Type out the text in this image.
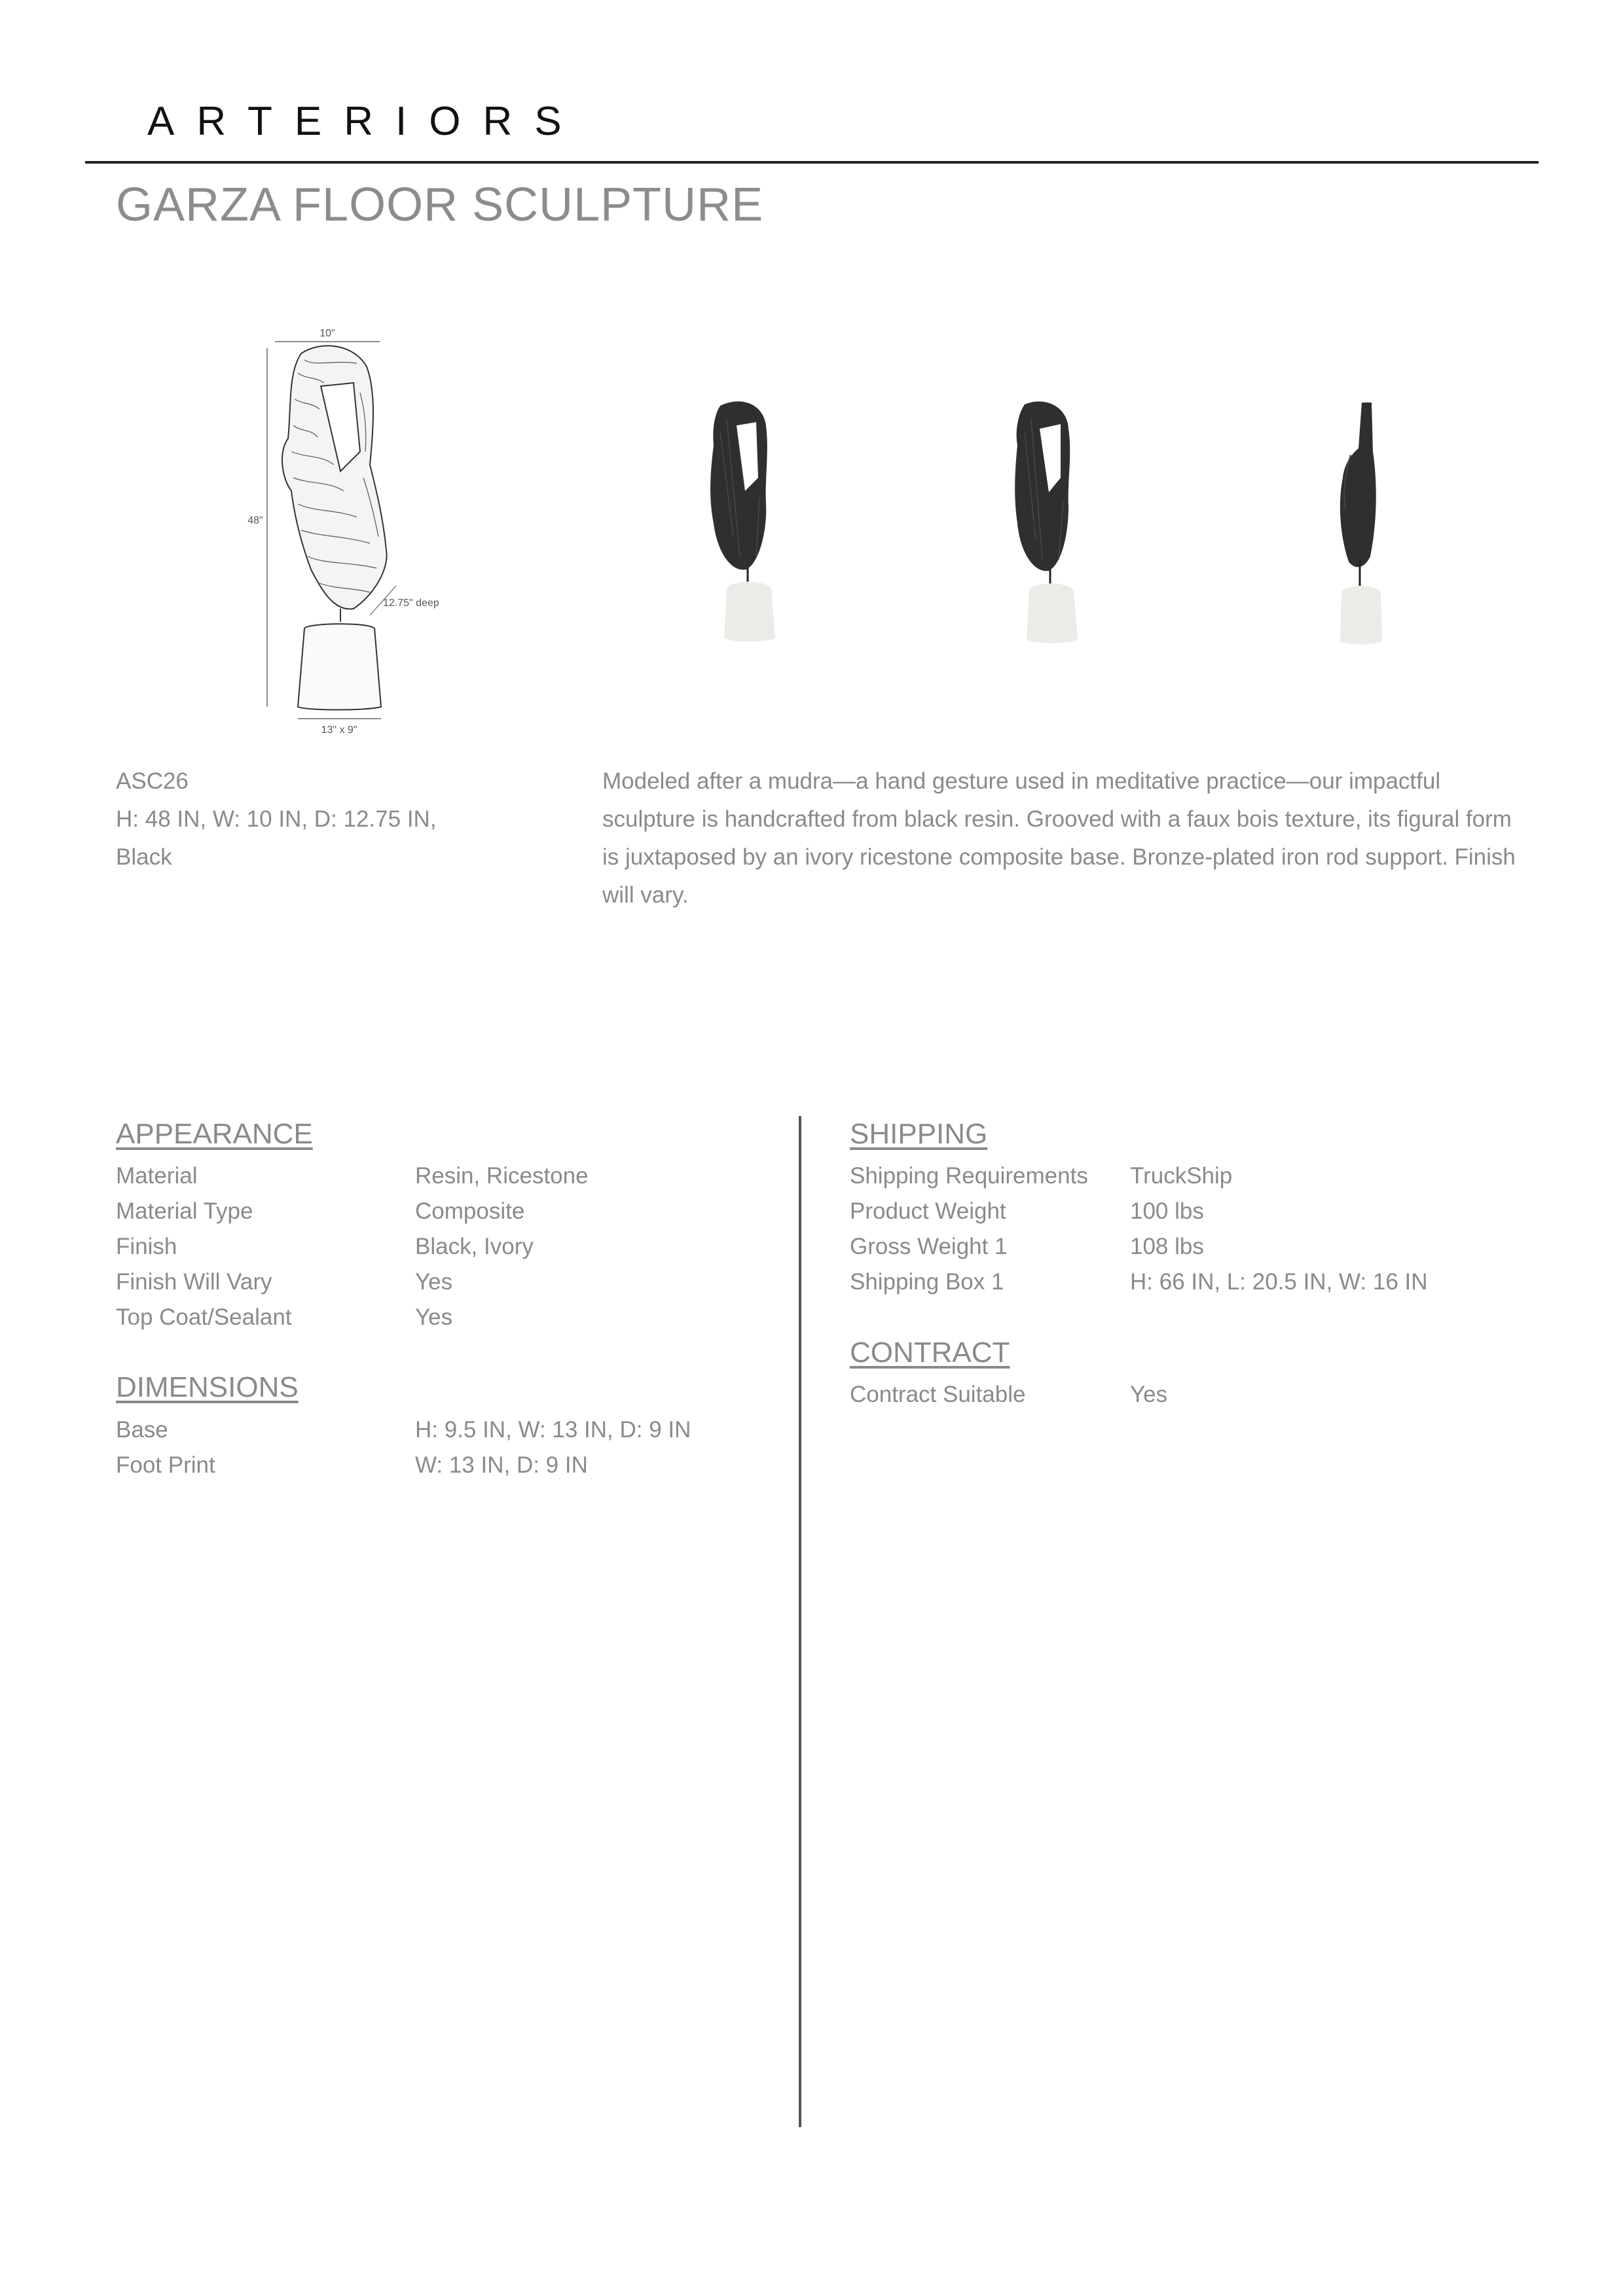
ARTERIORS
GARZA FLOOR SCULPTURE
10"
48"
12.75" deep
13" x 9"
ASC26
H: 48 IN, W: 10 IN, D: 12.75 IN,
Black
Modeled after a mudra—a hand gesture used in meditative practice—our impactful sculpture is handcrafted from black resin. Grooved with a faux bois texture, its figural form is juxtaposed by an ivory ricestone composite base. Bronze-plated iron rod support. Finish will vary.
APPEARANCE
Material	Resin, Ricestone
Material Type	Composite
Finish	Black, Ivory
Finish Will Vary	Yes
Top Coat/Sealant	Yes
DIMENSIONS
Base	H: 9.5 IN, W: 13 IN, D: 9 IN
Foot Print	W: 13 IN, D: 9 IN
SHIPPING
Shipping Requirements	TruckShip
Product Weight	100 lbs
Gross Weight 1	108 lbs
Shipping Box 1	H: 66 IN, L: 20.5 IN, W: 16 IN
CONTRACT
Contract Suitable	Yes
